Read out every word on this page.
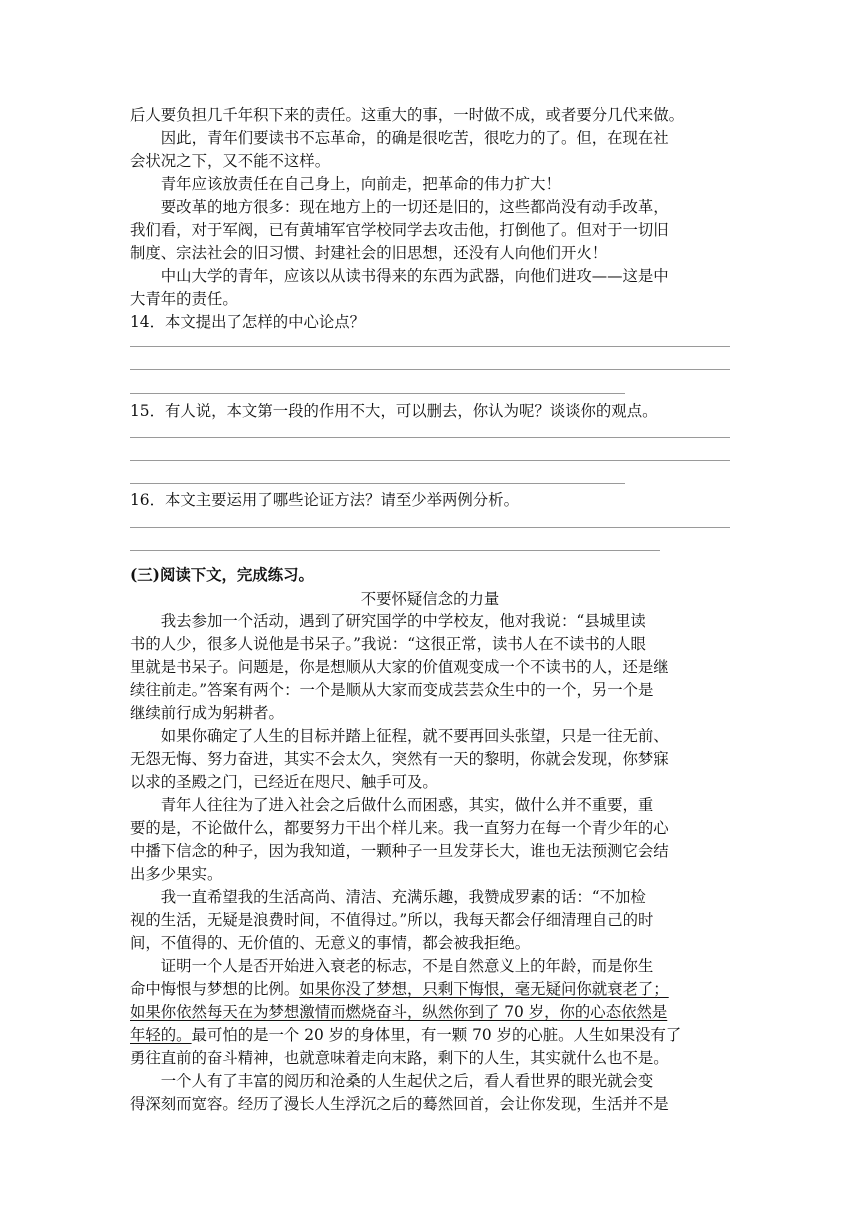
后人要负担几千年积下来的责任。这重大的事，一时做不成，或者要分几代来做。
　　因此，青年们要读书不忘革命，的确是很吃苦，很吃力的了。但，在现在社
会状况之下，又不能不这样。
　　青年应该放责任在自己身上，向前走，把革命的伟力扩大！
　　要改革的地方很多：现在地方上的一切还是旧的，这些都尚没有动手改革，
我们看，对于军阀，已有黄埔军官学校同学去攻击他，打倒他了。但对于一切旧
制度、宗法社会的旧习惯、封建社会的旧思想，还没有人向他们开火！
　　中山大学的青年，应该以从读书得来的东西为武器，向他们进攻——这是中
大青年的责任。
14．本文提出了怎样的中心论点？
15．有人说，本文第一段的作用不大，可以删去，你认为呢？谈谈你的观点。
16．本文主要运用了哪些论证方法？请至少举两例分析。
(三)阅读下文，完成练习。
不要怀疑信念的力量
　　我去参加一个活动，遇到了研究国学的中学校友，他对我说：“县城里读
书的人少，很多人说他是书呆子。”我说：“这很正常，读书人在不读书的人眼
里就是书呆子。问题是，你是想顺从大家的价值观变成一个不读书的人，还是继
续往前走。”答案有两个：一个是顺从大家而变成芸芸众生中的一个，另一个是
继续前行成为躬耕者。
　　如果你确定了人生的目标并踏上征程，就不要再回头张望，只是一往无前、
无怨无悔、努力奋进，其实不会太久，突然有一天的黎明，你就会发现，你梦寐
以求的圣殿之门，已经近在咫尺、触手可及。
　　青年人往往为了进入社会之后做什么而困惑，其实，做什么并不重要，重
要的是，不论做什么，都要努力干出个样儿来。我一直努力在每一个青少年的心
中播下信念的种子，因为我知道，一颗种子一旦发芽长大，谁也无法预测它会结
出多少果实。
　　我一直希望我的生活高尚、清洁、充满乐趣，我赞成罗素的话：“不加检
视的生活，无疑是浪费时间，不值得过。”所以，我每天都会仔细清理自己的时
间，不值得的、无价值的、无意义的事情，都会被我拒绝。
　　证明一个人是否开始进入衰老的标志，不是自然意义上的年龄，而是你生
命中悔恨与梦想的比例。如果你没了梦想，只剩下悔恨，毫无疑问你就衰老了；
如果你依然每天在为梦想激情而燃烧奋斗，纵然你到了 70 岁，你的心态依然是
年轻的。最可怕的是一个 20 岁的身体里，有一颗 70 岁的心脏。人生如果没有了
勇往直前的奋斗精神，也就意味着走向末路，剩下的人生，其实就什么也不是。
　　一个人有了丰富的阅历和沧桑的人生起伏之后，看人看世界的眼光就会变
得深刻而宽容。经历了漫长人生浮沉之后的蓦然回首，会让你发现，生活并不是
